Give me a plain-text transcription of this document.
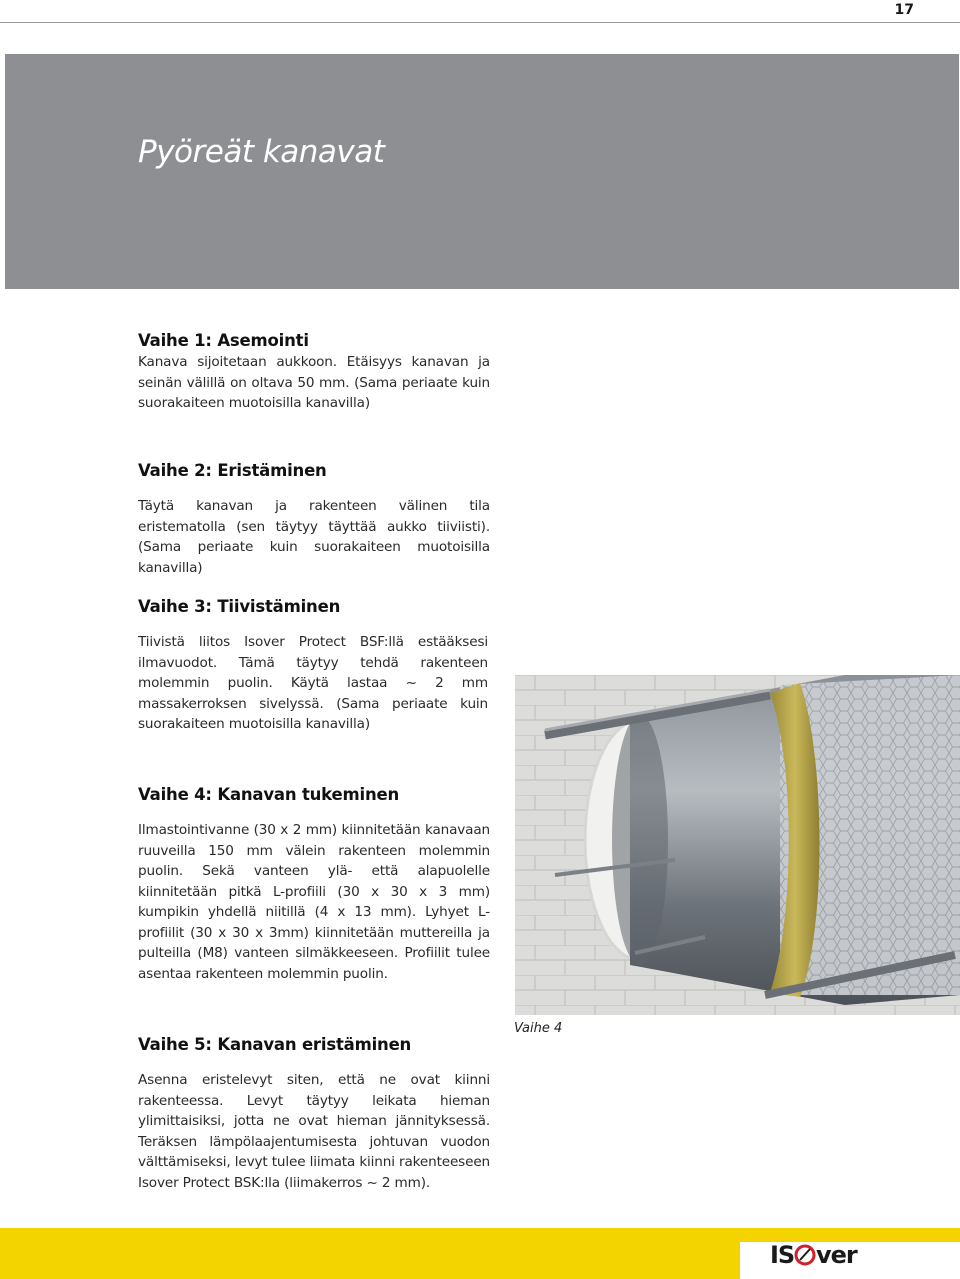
17
Pyöreät kanavat
Vaihe 1: Asemointi

Kanava sijoitetaan aukkoon. Etäisyys kanavan ja seinän välillä on oltava 50 mm. (Sama periaate kuin suorakaiteen muotoisilla kanavilla)

Vaihe 2: Eristäminen

Täytä kanavan ja rakenteen välinen tila eristematolla (sen täytyy täyttää aukko tiiviisti). (Sama periaate kuin suorakaiteen muotoisilla kanavilla)

Vaihe 3: Tiivistäminen

Tiivistä liitos Isover Protect BSF:llä estääksesi ilmavuodot. Tämä täytyy tehdä rakenteen molemmin puolin. Käytä lastaa ~ 2 mm massakerroksen sivelyssä. (Sama periaate kuin suorakaiteen muotoisilla kanavilla)

Vaihe 4: Kanavan tukeminen

Ilmastointivanne (30 x 2 mm) kiinnitetään kanavaan ruuveilla 150 mm välein rakenteen molemmin puolin. Sekä vanteen ylä- että alapuolelle kiinnitetään pitkä L-profiili (30 x 30 x 3 mm) kumpikin yhdellä niitillä (4 x 13 mm). Lyhyet L-profiilit (30 x 30 x 3mm) kiinnitetään muttereilla ja pulteilla (M8) vanteen silmäkkeeseen. Profiilit tulee asentaa rakenteen molemmin puolin.

Vaihe 5: Kanavan eristäminen

Asenna eristelevyt siten, että ne ovat kiinni rakenteessa. Levyt täytyy leikata hieman ylimittaisiksi, jotta ne ovat hieman jännityksessä. Teräksen lämpölaajentumisesta johtuvan vuodon välttämiseksi, levyt tulee liimata kiinni rakenteeseen Isover Protect BSK:lla (liimakerros ~ 2 mm).

Vaihe 4
IS ver
